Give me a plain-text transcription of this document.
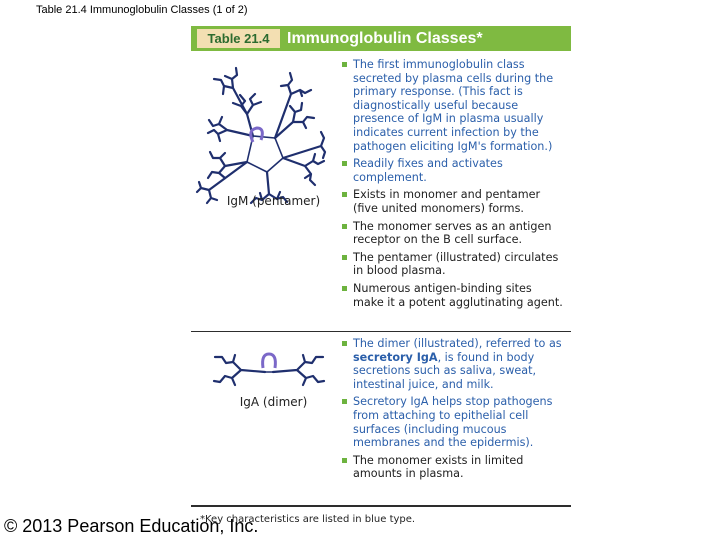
Table 21.4 Immunoglobulin Classes (1 of 2)
Table 21.4	Immunoglobulin Classes*
IgM (pentamer)
The first immunoglobulin class secreted by plasma cells during the primary response. (This fact is diagnostically useful because presence of IgM in plasma usually indicates current infection by the pathogen eliciting IgM's formation.)
Readily fixes and activates complement.
Exists in monomer and pentamer (five united monomers) forms.
The monomer serves as an antigen receptor on the B cell surface.
The pentamer (illustrated) circulates in blood plasma.
Numerous antigen-binding sites make it a potent agglutinating agent.
IgA (dimer)
The dimer (illustrated), referred to as secretory IgA, is found in body secretions such as saliva, sweat, intestinal juice, and milk.
Secretory IgA helps stop pathogens from attaching to epithelial cell surfaces (including mucous membranes and the epidermis).
The monomer exists in limited amounts in plasma.
*Key characteristics are listed in blue type.
© 2013 Pearson Education, Inc.
